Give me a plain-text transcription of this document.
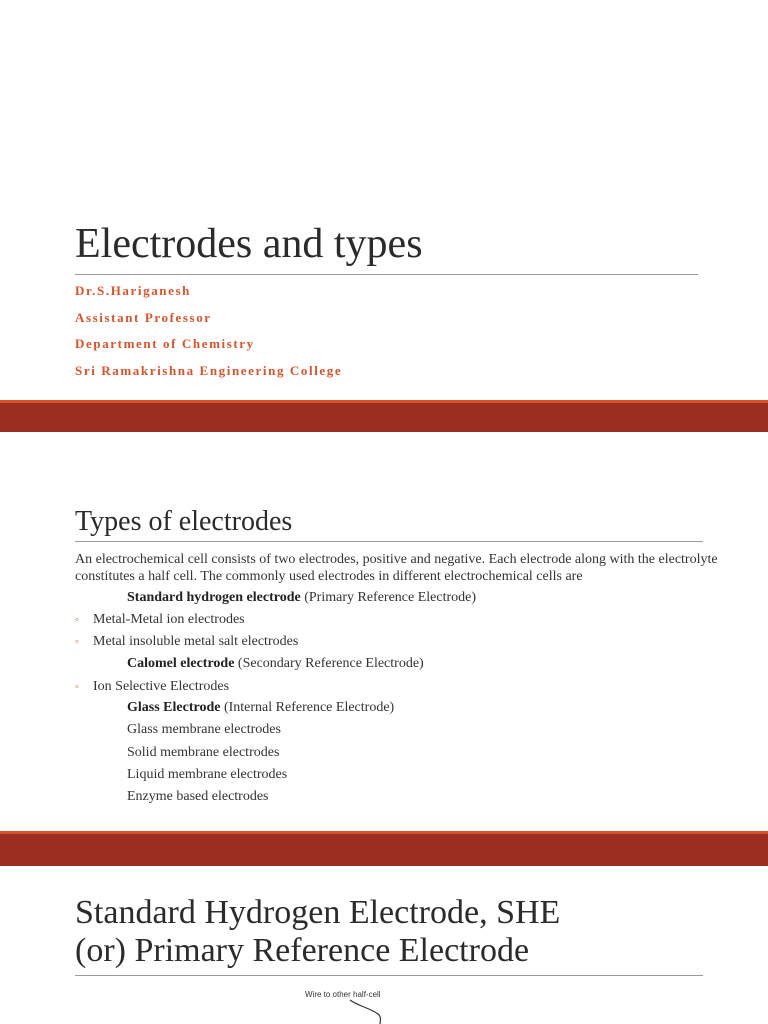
Electrodes and types

Dr.S.Hariganesh

Assistant Professor

Department of Chemistry

Sri Ramakrishna Engineering College

Types of electrodes

An electrochemical cell consists of two electrodes, positive and negative. Each electrode along with the electrolyte constitutes a half cell. The commonly used electrodes in different electrochemical cells are

Standard hydrogen electrode (Primary Reference Electrode)
◦ Metal-Metal ion electrodes
◦ Metal insoluble metal salt electrodes
Calomel electrode (Secondary Reference Electrode)
◦ Ion Selective Electrodes
Glass Electrode (Internal Reference Electrode)
Glass membrane electrodes
Solid membrane electrodes
Liquid membrane electrodes
Enzyme based electrodes
Standard Hydrogen Electrode, SHE
(or) Primary Reference Electrode
Wire to other half-cell
